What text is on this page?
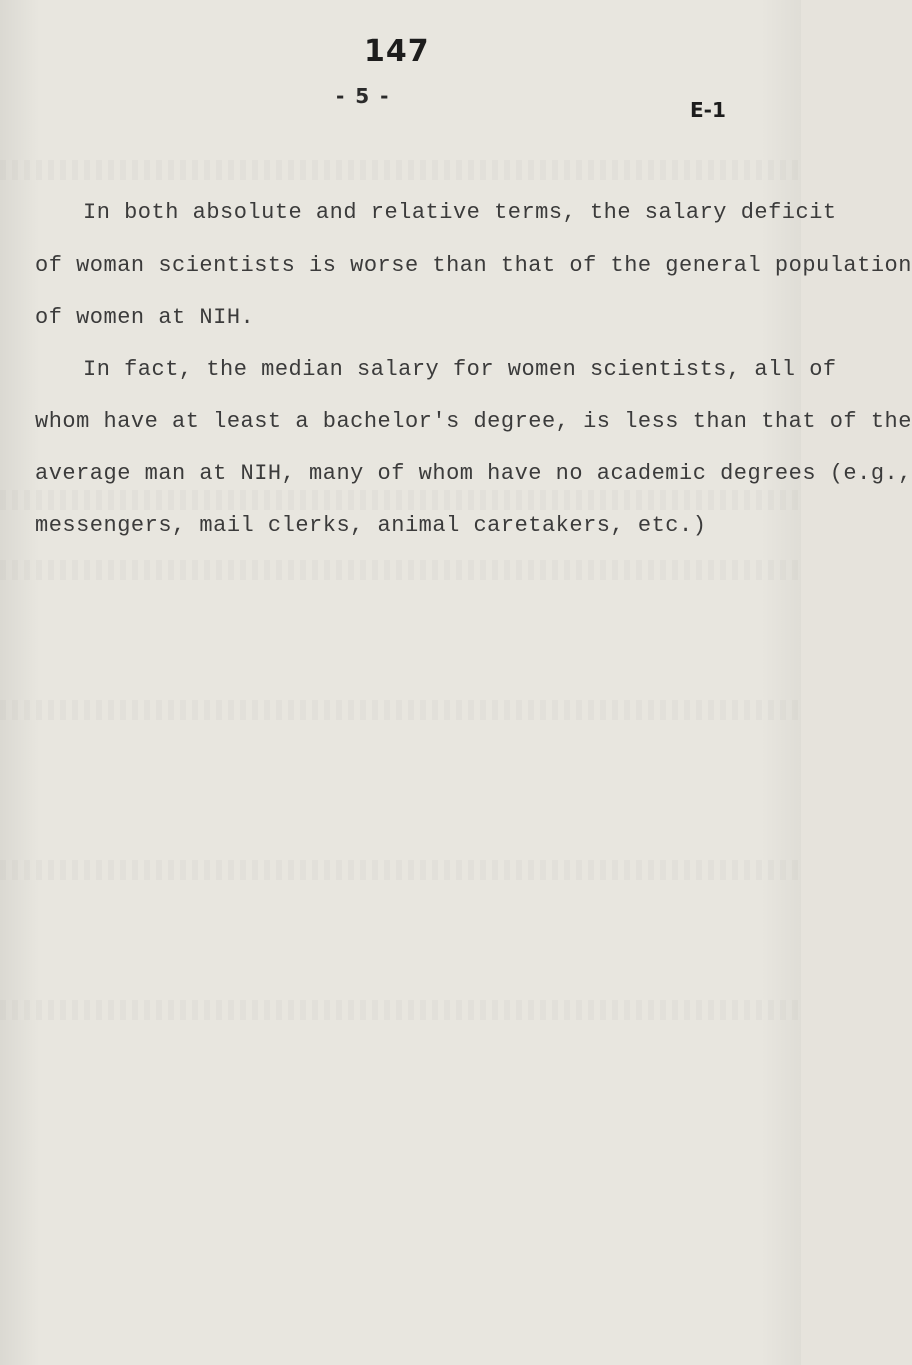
147
- 5 -
E-1
In both absolute and relative terms, the salary deficit
of woman scientists is worse than that of the general population
of women at NIH.
In fact, the median salary for women scientists, all of
whom have at least a bachelor's degree, is less than that of the
average man at NIH, many of whom have no academic degrees (e.g.,
messengers, mail clerks, animal caretakers, etc.)
